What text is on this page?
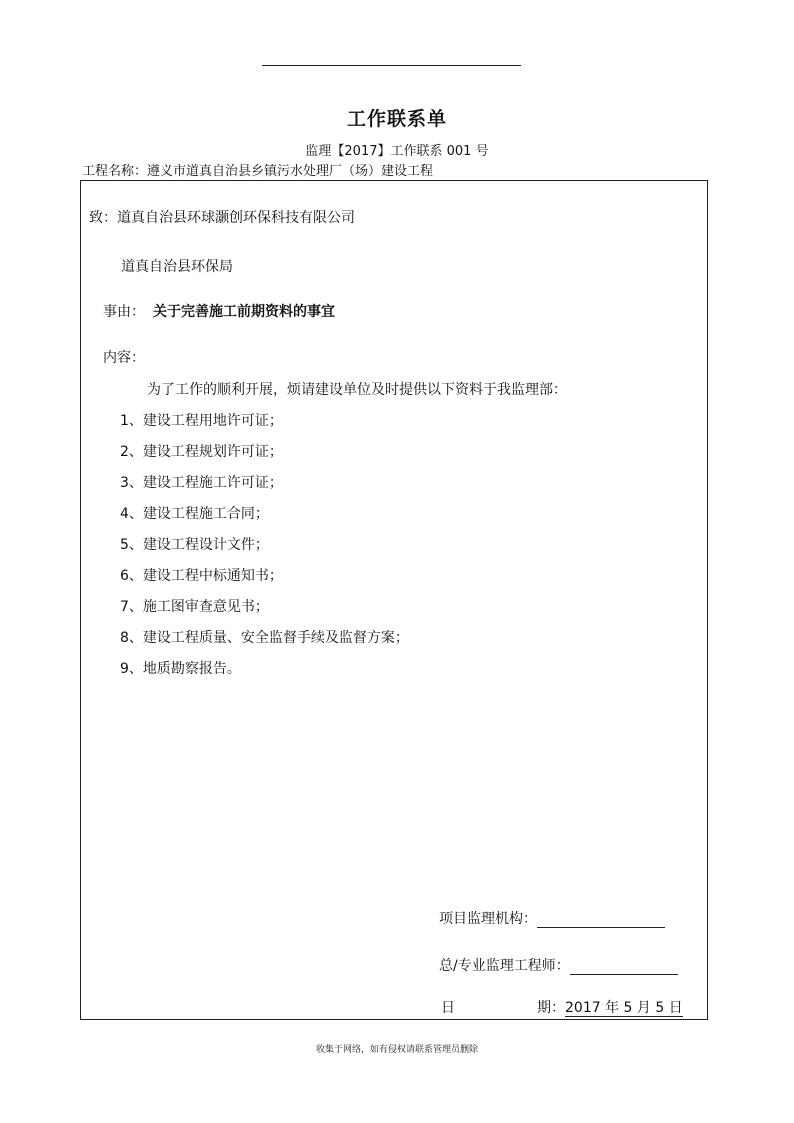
工作联系单
监理【2017】工作联系 001 号
工程名称：遵义市道真自治县乡镇污水处理厂（场）建设工程
致：道真自治县环球灏创环保科技有限公司
道真自治县环保局
事由： 关于完善施工前期资料的事宜
内容：
为了工作的顺利开展，烦请建设单位及时提供以下资料于我监理部：
1、建设工程用地许可证；
2、建设工程规划许可证；
3、建设工程施工许可证；
4、建设工程施工合同；
5、建设工程设计文件；
6、建设工程中标通知书；
7、施工图审查意见书；
8、建设工程质量、安全监督手续及监督方案；
9、地质勘察报告。
项目监理机构：
总/专业监理工程师：
日	期：2017 年 5 月 5 日
收集于网络，如有侵权请联系管理员删除
